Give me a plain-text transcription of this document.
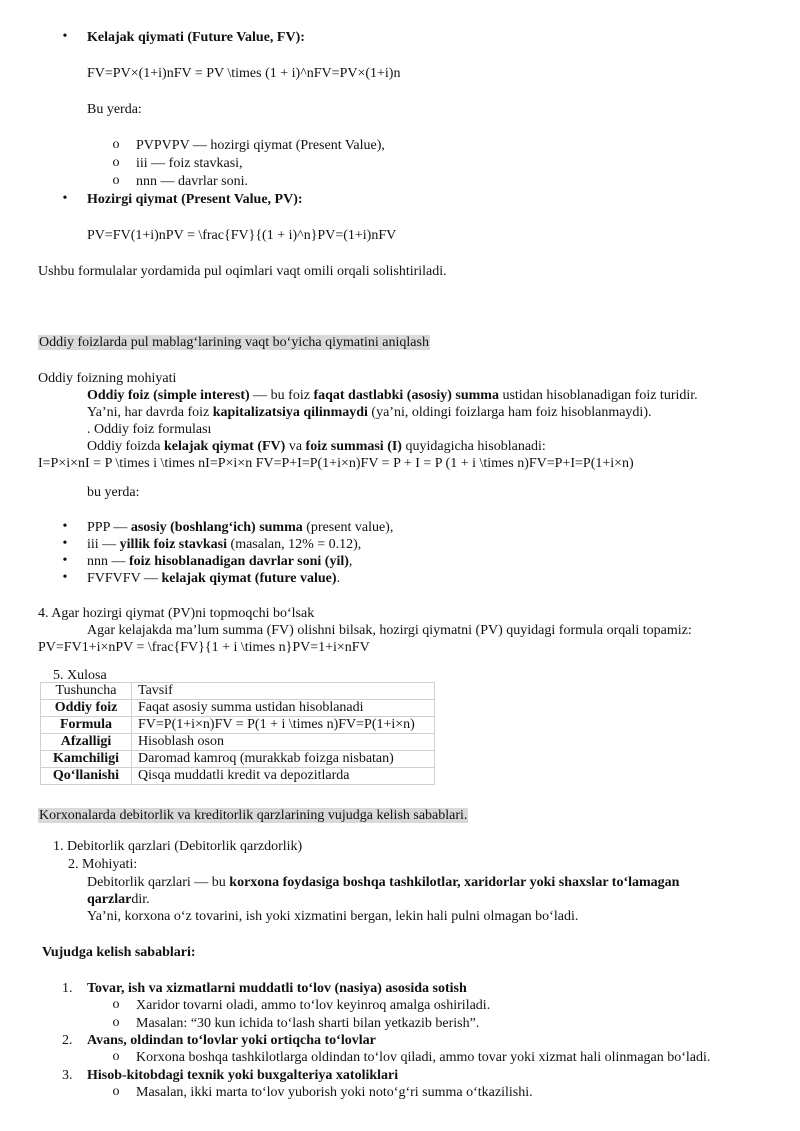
• Kelajak qiymati (Future Value, FV):
FV=PV×(1+i)nFV = PV \times (1 + i)^nFV=PV×(1+i)n
Bu yerda:
o PVPVPV — hozirgi qiymat (Present Value),
o iii — foiz stavkasi,
o nnn — davrlar soni.
• Hozirgi qiymat (Present Value, PV):
PV=FV(1+i)nPV = \frac{FV}{(1 + i)^n}PV=(1+i)nFV
Ushbu formulalar yordamida pul oqimlari vaqt omili orqali solishtiriladi.
Oddiy foizlarda pul mablag‘larining vaqt bo‘yicha qiymatini aniqlash
Oddiy foizning mohiyati
Oddiy foiz (simple interest) — bu foiz faqat dastlabki (asosiy) summa ustidan hisoblanadigan foiz turidir.
Ya’ni, har davrda foiz kapitalizatsiya qilinmaydi (ya’ni, oldingi foizlarga ham foiz hisoblanmaydi).
. Oddiy foiz formulası
Oddiy foizda kelajak qiymat (FV) va foiz summasi (I) quyidagicha hisoblanadi:
I=P×i×nI = P \times i \times nI=P×i×n FV=P+I=P(1+i×n)FV = P + I = P (1 + i \times n)FV=P+I=P(1+i×n)
bu yerda:
• PPP — asosiy (boshlang‘ich) summa (present value),
• iii — yillik foiz stavkasi (masalan, 12% = 0.12),
• nnn — foiz hisoblanadigan davrlar soni (yil),
• FVFVFV — kelajak qiymat (future value).
4. Agar hozirgi qiymat (PV)ni topmoqchi bo‘lsak
Agar kelajakda ma’lum summa (FV) olishni bilsak, hozirgi qiymatni (PV) quyidagi formula orqali topamiz:
PV=FV1+i×nPV = \frac{FV}{1 + i \times n}PV=1+i×nFV
5. Xulosa
Tushuncha	Tavsif
Oddiy foiz	Faqat asosiy summa ustidan hisoblanadi
Formula	FV=P(1+i×n)FV = P(1 + i \times n)FV=P(1+i×n)
Afzalligi	Hisoblash oson
Kamchiligi	Daromad kamroq (murakkab foizga nisbatan)
Qo‘llanishi	Qisqa muddatli kredit va depozitlarda
Korxonalarda debitorlik va kreditorlik qarzlarining vujudga kelish sabablari.
1. Debitorlik qarzlari (Debitorlik qarzdorlik)
2. Mohiyati:
Debitorlik qarzlari — bu korxona foydasiga boshqa tashkilotlar, xaridorlar yoki shaxslar to‘lamagan
qarzlardir.
Ya’ni, korxona o‘z tovarini, ish yoki xizmatini bergan, lekin hali pulni olmagan bo‘ladi.
Vujudga kelish sabablari:
1. Tovar, ish va xizmatlarni muddatli to‘lov (nasiya) asosida sotish
o Xaridor tovarni oladi, ammo to‘lov keyinroq amalga oshiriladi.
o Masalan: “30 kun ichida to‘lash sharti bilan yetkazib berish”.
2. Avans, oldindan to‘lovlar yoki ortiqcha to‘lovlar
o Korxona boshqa tashkilotlarga oldindan to‘lov qiladi, ammo tovar yoki xizmat hali olinmagan bo‘ladi.
3. Hisob-kitobdagi texnik yoki buxgalteriya xatoliklari
o Masalan, ikki marta to‘lov yuborish yoki noto‘g‘ri summa o‘tkazilishi.
